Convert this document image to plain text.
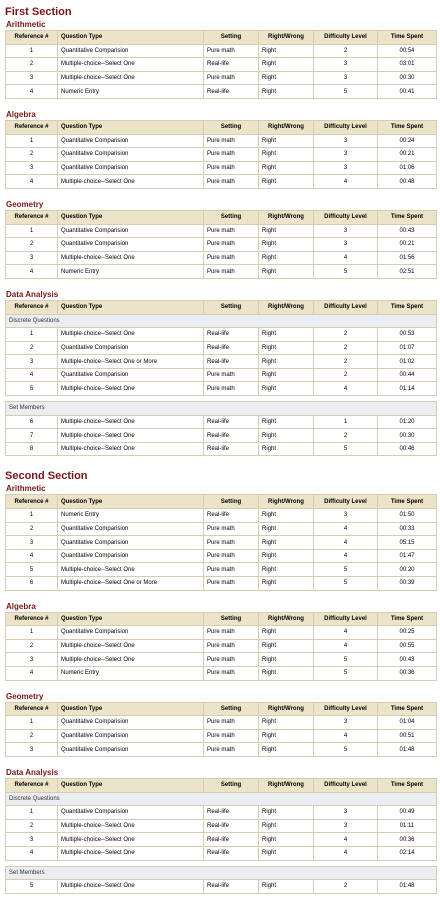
First Section
Arithmetic
Reference #	Question Type	Setting	Right/Wrong	Difficulty Level	Time Spent
1	Quantitative Comparision	Pure math	Right	2	00:54
2	Multiple-choice--Select One	Real-life	Right	3	03:01
3	Multiple-choice--Select One	Pure math	Right	3	00:30
4	Numeric Entry	Real-life	Right	5	00:41
Algebra
Reference #	Question Type	Setting	Right/Wrong	Difficulty Level	Time Spent
1	Quantitative Comparision	Pure math	Right	3	00:24
2	Quantitative Comparision	Pure math	Right	3	00:21
3	Quantitative Comparision	Pure math	Right	3	01:06
4	Multiple-choice--Select One	Pure math	Right	4	00:48
Geometry
Reference #	Question Type	Setting	Right/Wrong	Difficulty Level	Time Spent
1	Quantitative Comparision	Pure math	Right	3	00:43
2	Quantitative Comparision	Pure math	Right	3	00:21
3	Multiple-choice--Select One	Pure math	Right	4	01:56
4	Numeric Entry	Pure math	Right	5	02:51
Data Analysis
Reference #	Question Type	Setting	Right/Wrong	Difficulty Level	Time Spent
Discrete Questions					
1	Multiple-choice--Select One	Real-life	Right	2	00:53
2	Quantitative Comparision	Real-life	Right	2	01:07
3	Multiple-choice--Select One or More	Real-life	Right	2	01:02
4	Quantitative Comparision	Pure math	Right	2	00:44
5	Multiple-choice--Select One	Pure math	Right	4	01:14

Set Members					
6	Multiple-choice--Select One	Real-life	Right	1	01:20
7	Multiple-choice--Select One	Real-life	Right	2	00:30
8	Multiple-choice--Select One	Real-life	Right	5	00:46
Second Section
Arithmetic
Reference #	Question Type	Setting	Right/Wrong	Difficulty Level	Time Spent
1	Numeric Entry	Real-life	Right	3	01:50
2	Quantitative Comparision	Pure math	Right	4	00:33
3	Quantitative Comparision	Pure math	Right	4	05:15
4	Quantitative Comparision	Pure math	Right	4	01:47
5	Multiple-choice--Select One	Pure math	Right	5	00:20
6	Multiple-choice--Select One or More	Pure math	Right	5	00:39
Algebra
Reference #	Question Type	Setting	Right/Wrong	Difficulty Level	Time Spent
1	Quantitative Comparision	Pure math	Right	4	00:25
2	Multiple-choice--Select One	Pure math	Right	4	00:55
3	Multiple-choice--Select One	Pure math	Right	5	00:43
4	Numeric Entry	Pure math	Right	5	00:36
Geometry
Reference #	Question Type	Setting	Right/Wrong	Difficulty Level	Time Spent
1	Quantitative Comparision	Pure math	Right	3	01:04
2	Quantitative Comparision	Pure math	Right	4	00:51
3	Quantitative Comparision	Pure math	Right	5	01:48
Data Analysis
Reference #	Question Type	Setting	Right/Wrong	Difficulty Level	Time Spent
Discrete Questions					
1	Quantitative Comparision	Real-life	Right	3	00:49
2	Multiple-choice--Select One	Real-life	Right	3	01:11
3	Multiple-choice--Select One	Real-life	Right	4	00:36
4	Multiple-choice--Select One	Real-life	Right	4	02:14

Set Members					
5	Multiple-choice--Select One	Real-life	Right	2	01:48
